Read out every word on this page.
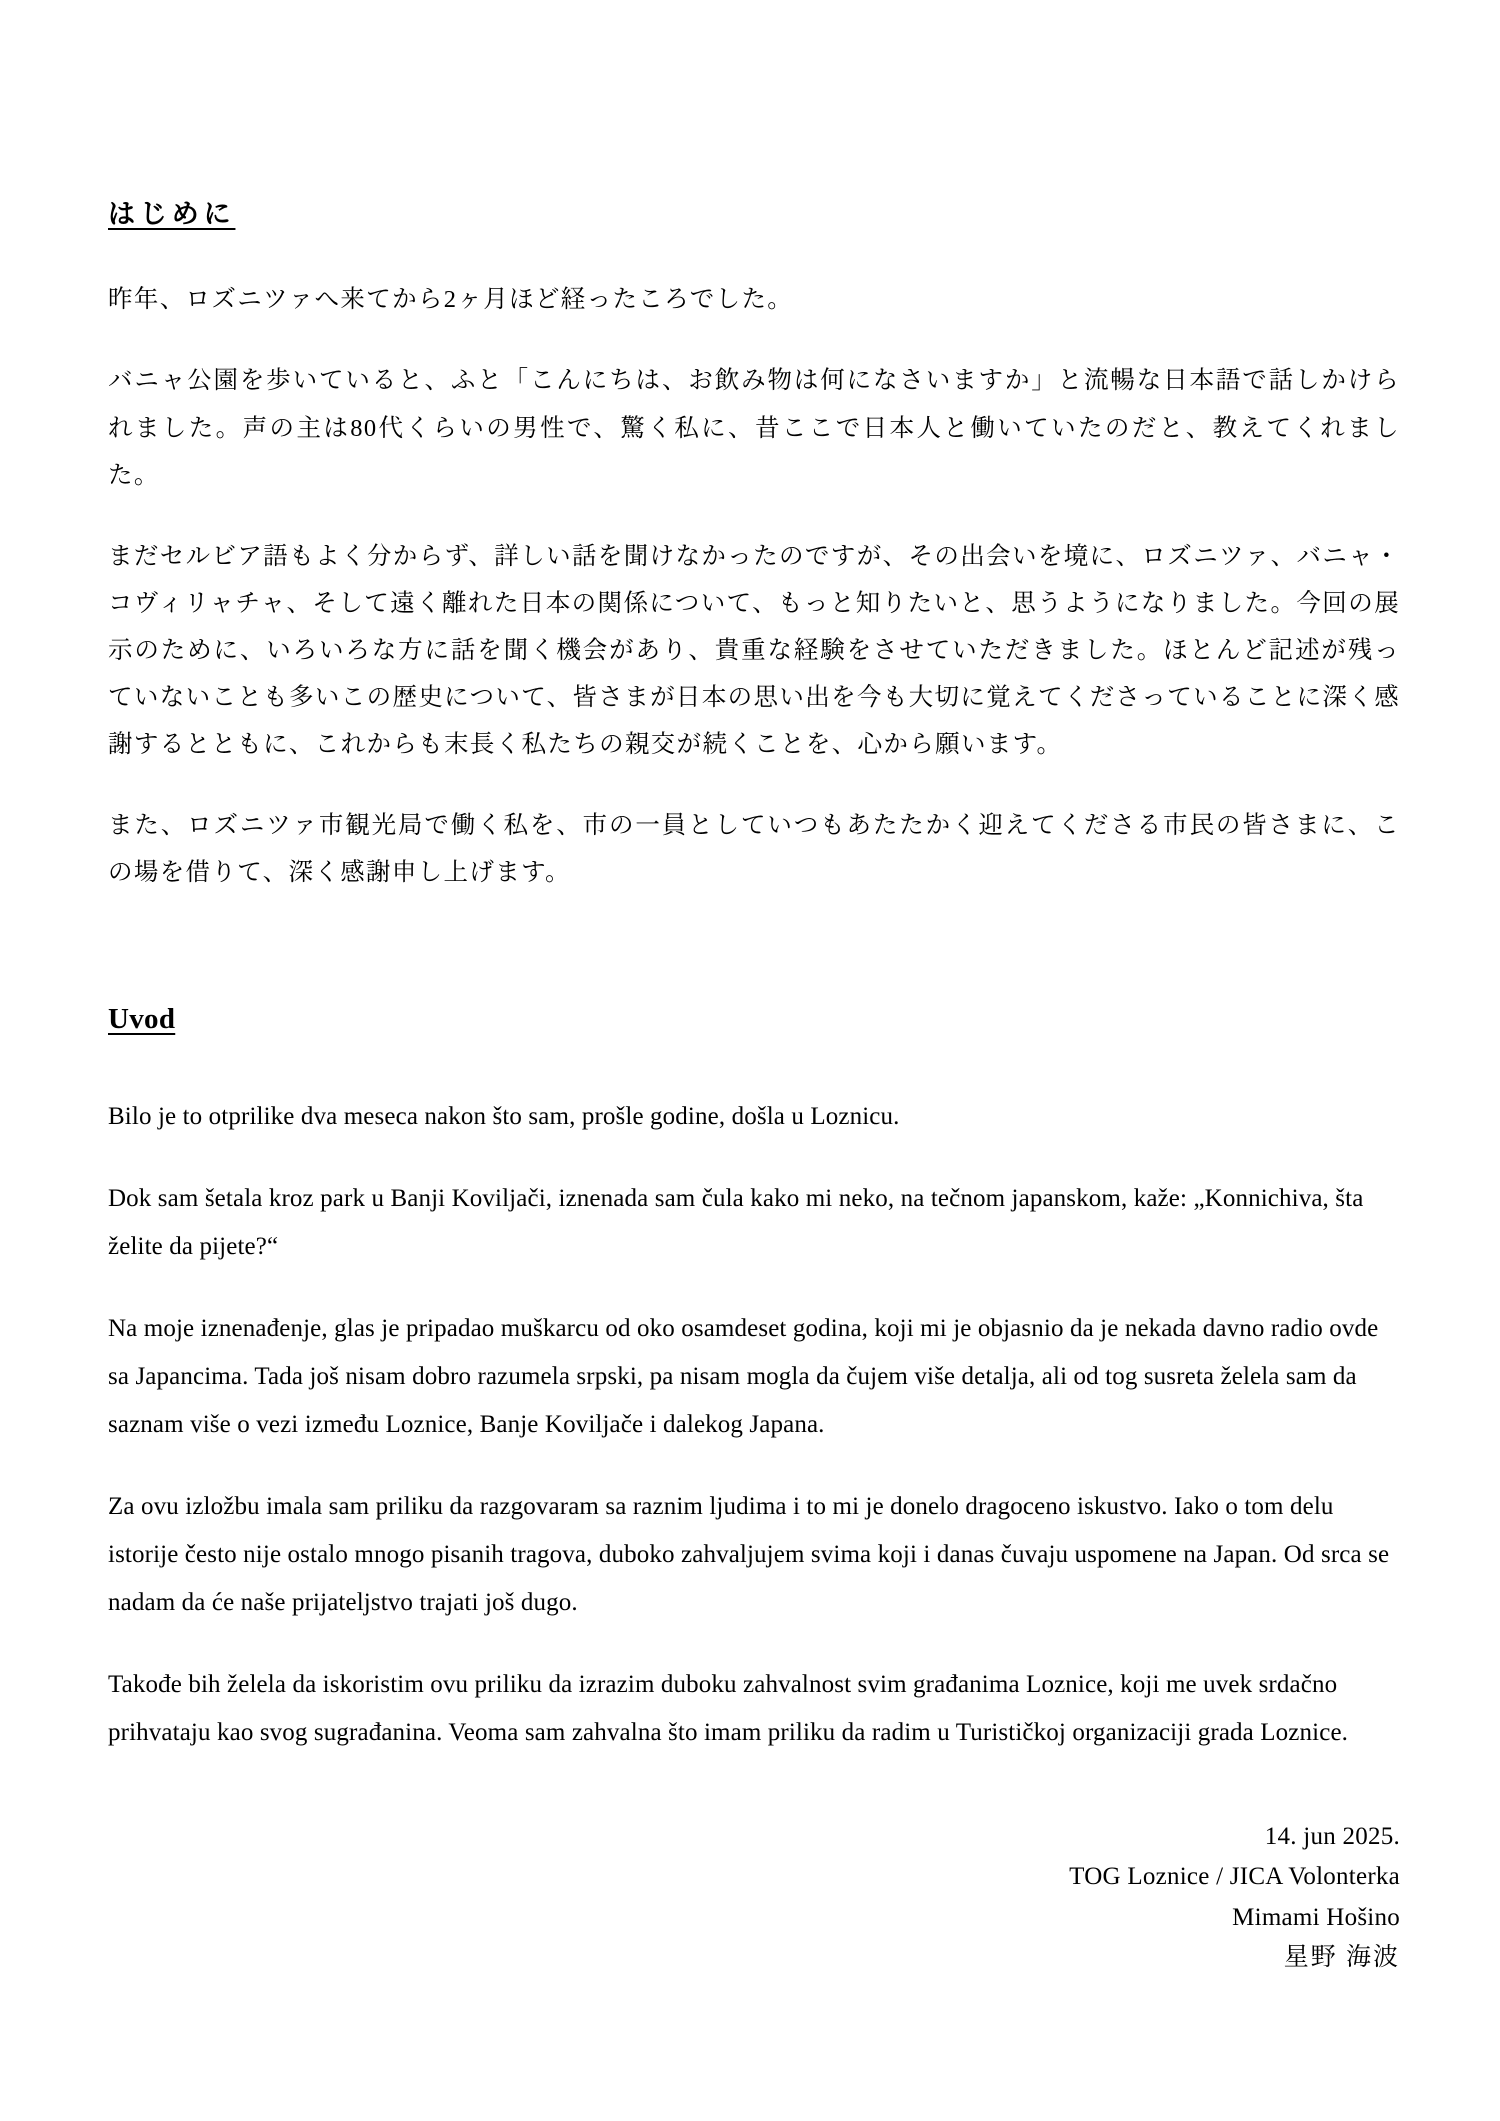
はじめに

昨年、ロズニツァへ来てから2ヶ月ほど経ったころでした。

バニャ公園を歩いていると、ふと「こんにちは、お飲み物は何になさいますか」と流暢な日本語で話しかけられました。声の主は80代くらいの男性で、驚く私に、昔ここで日本人と働いていたのだと、教えてくれました。

まだセルビア語もよく分からず、詳しい話を聞けなかったのですが、その出会いを境に、ロズニツァ、バニャ・コヴィリャチャ、そして遠く離れた日本の関係について、もっと知りたいと、思うようになりました。今回の展示のために、いろいろな方に話を聞く機会があり、貴重な経験をさせていただきました。ほとんど記述が残っていないことも多いこの歴史について、皆さまが日本の思い出を今も大切に覚えてくださっていることに深く感謝するとともに、これからも末長く私たちの親交が続くことを、心から願います。

また、ロズニツァ市観光局で働く私を、市の一員としていつもあたたかく迎えてくださる市民の皆さまに、この場を借りて、深く感謝申し上げます。

Uvod

Bilo je to otprilike dva meseca nakon što sam, prošle godine, došla u Loznicu.

Dok sam šetala kroz park u Banji Koviljači, iznenada sam čula kako mi neko, na tečnom japanskom, kaže: „Konnichiva, šta želite da pijete?“

Na moje iznenađenje, glas je pripadao muškarcu od oko osamdeset godina, koji mi je objasnio da je nekada davno radio ovde sa Japancima. Tada još nisam dobro razumela srpski, pa nisam mogla da čujem više detalja, ali od tog susreta želela sam da saznam više o vezi između Loznice, Banje Koviljače i dalekog Japana.

Za ovu izložbu imala sam priliku da razgovaram sa raznim ljudima i to mi je donelo dragoceno iskustvo. Iako o tom delu istorije često nije ostalo mnogo pisanih tragova, duboko zahvaljujem svima koji i danas čuvaju uspomene na Japan. Od srca se nadam da će naše prijateljstvo trajati još dugo.

Takođe bih želela da iskoristim ovu priliku da izrazim duboku zahvalnost svim građanima Loznice, koji me uvek srdačno prihvataju kao svog sugrađanina. Veoma sam zahvalna što imam priliku da radim u Turističkoj organizaciji grada Loznice.

14. jun 2025.
TOG Loznice / JICA Volonterka
Mimami Hošino
星野 海波
